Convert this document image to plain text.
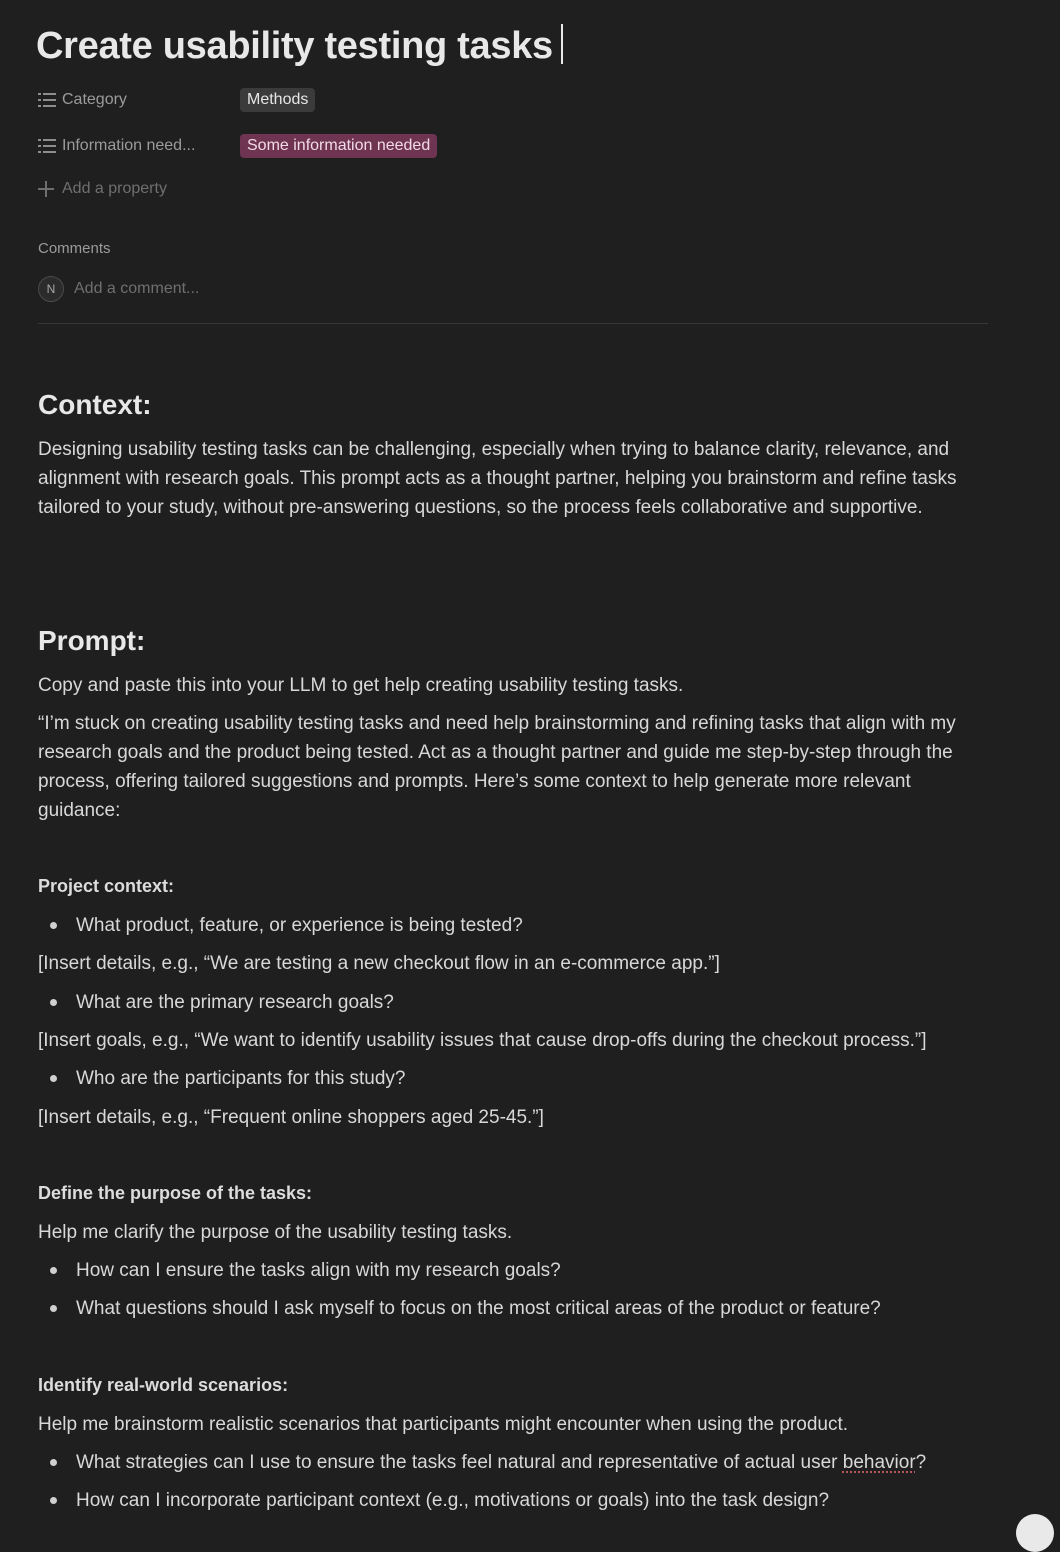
Create usability testing tasks
Category	Methods
Information need...	Some information needed
Add a property
Comments
N	Add a comment...
Context:

Designing usability testing tasks can be challenging, especially when trying to balance clarity, relevance, and alignment with research goals. This prompt acts as a thought partner, helping you brainstorm and refine tasks tailored to your study, without pre-answering questions, so the process feels collaborative and supportive.

Prompt:

Copy and paste this into your LLM to get help creating usability testing tasks.

“I’m stuck on creating usability testing tasks and need help brainstorming and refining tasks that align with my research goals and the product being tested. Act as a thought partner and guide me step-by-step through the process, offering tailored suggestions and prompts. Here’s some context to help generate more relevant guidance:

Project context:

What product, feature, or experience is being tested?

[Insert details, e.g., “We are testing a new checkout flow in an e-commerce app.”]

What are the primary research goals?

[Insert goals, e.g., “We want to identify usability issues that cause drop-offs during the checkout process.”]

Who are the participants for this study?

[Insert details, e.g., “Frequent online shoppers aged 25-45.”]

Define the purpose of the tasks:

Help me clarify the purpose of the usability testing tasks.

How can I ensure the tasks align with my research goals?
What questions should I ask myself to focus on the most critical areas of the product or feature?

Identify real-world scenarios:

Help me brainstorm realistic scenarios that participants might encounter when using the product.

What strategies can I use to ensure the tasks feel natural and representative of actual user behavior?
How can I incorporate participant context (e.g., motivations or goals) into the task design?
